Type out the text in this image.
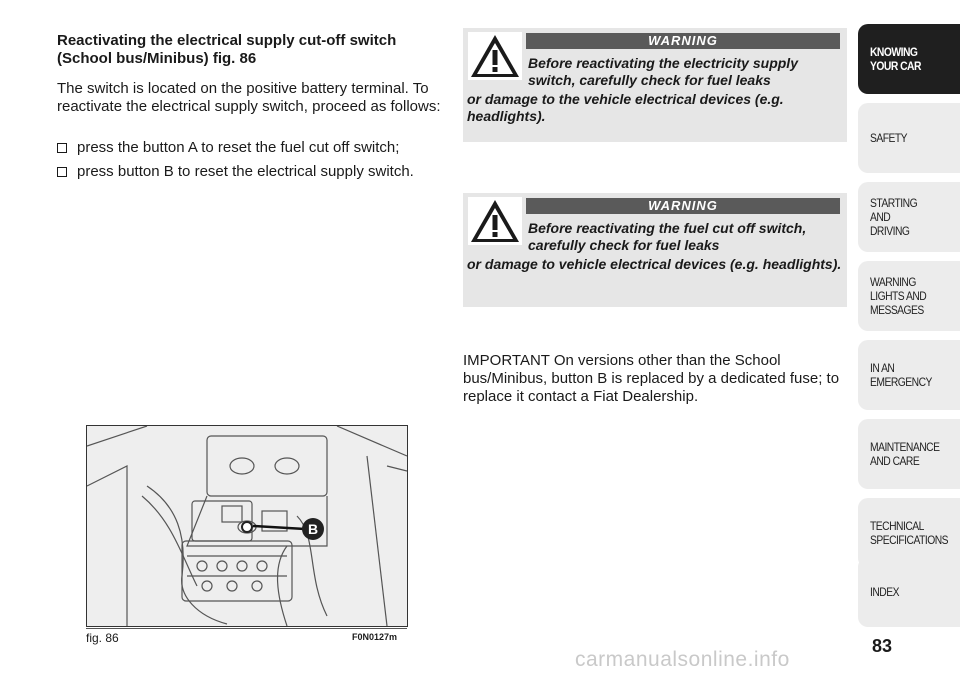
Reactivating the electrical supply cut-off switch (School bus/Minibus) fig. 86
The switch is located on the positive battery terminal. To reactivate the electrical supply switch, proceed as follows:
press the button A to reset the fuel cut off switch;
press button B to reset the electrical supply switch.
WARNING
Before reactivating the electricity supply switch, carefully check for fuel leaks
or damage to the vehicle electrical devices (e.g. headlights).
WARNING
Before reactivating the fuel cut off switch, carefully check for fuel leaks
or damage to vehicle electrical devices (e.g. headlights).
IMPORTANT On versions other than the School bus/Minibus, button B is replaced by a dedicated fuse; to replace it contact a Fiat Dealership.
B
fig. 86	F0N0127m
KNOWING
YOUR CAR
SAFETY
STARTING
AND
DRIVING
WARNING
LIGHTS AND
MESSAGES
IN AN
EMERGENCY
MAINTENANCE
AND CARE
TECHNICAL
SPECIFICATIONS
INDEX
83
carmanualsonline.info
